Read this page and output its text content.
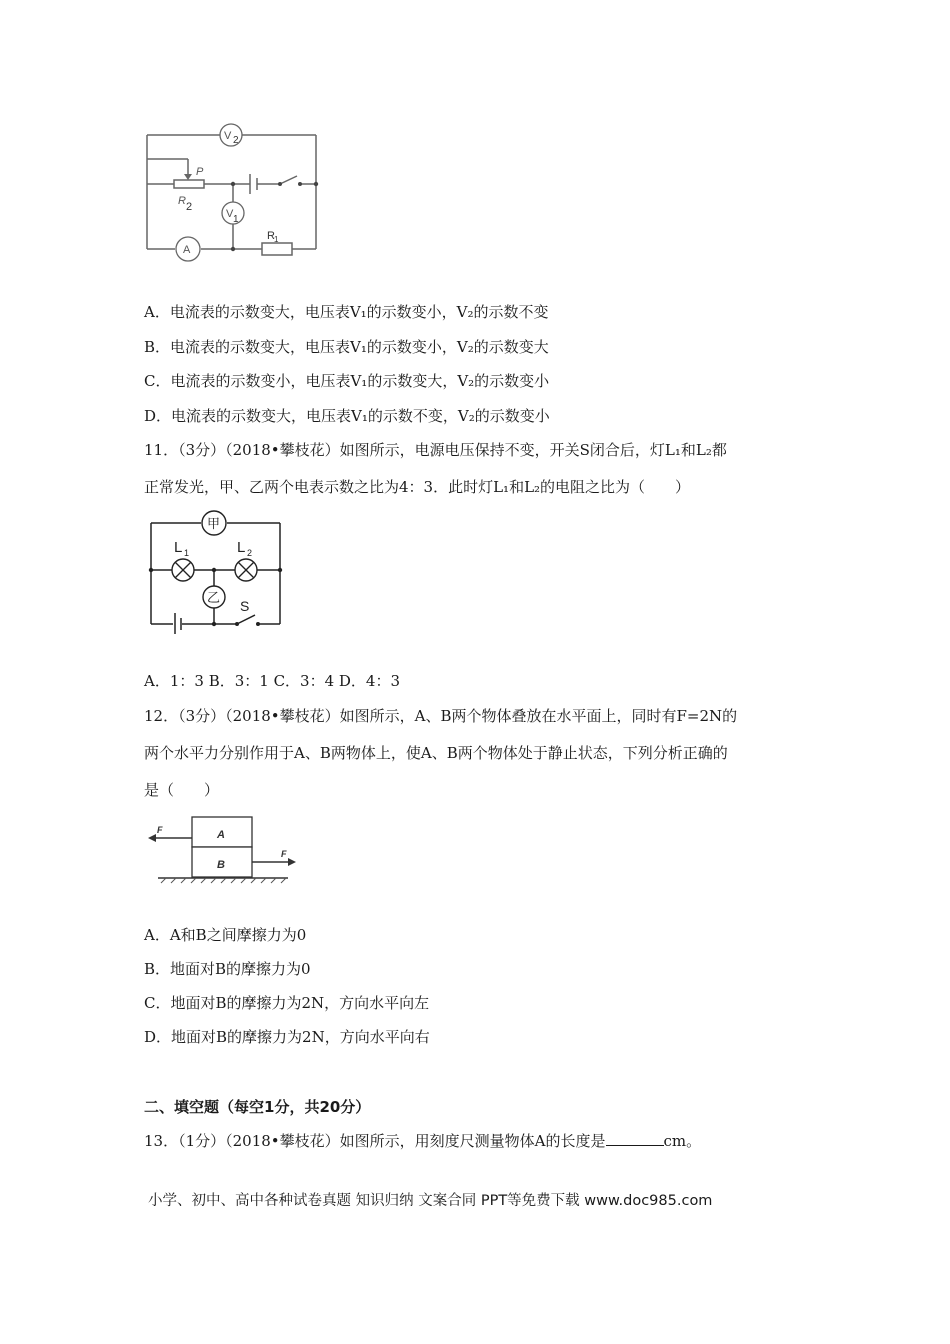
V 2
V 1
A
P
R 2
R 1
A．电流表的示数变大，电压表V₁的示数变小，V₂的示数不变
B．电流表的示数变大，电压表V₁的示数变小，V₂的示数变大
C．电流表的示数变小，电压表V₁的示数变大，V₂的示数变小
D．电流表的示数变大，电压表V₁的示数不变，V₂的示数变小
11．（3分）（2018•攀枝花）如图所示，电源电压保持不变，开关S闭合后，灯L₁和L₂都
正常发光，甲、乙两个电表示数之比为4：3．此时灯L₁和L₂的电阻之比为（　　）
甲
乙
L 1	L 2
S
A．1：3 B．3：1 C．3：4 D．4：3
12．（3分）（2018•攀枝花）如图所示，A、B两个物体叠放在水平面上，同时有F=2N的
两个水平力分别作用于A、B两物体上，使A、B两个物体处于静止状态，下列分析正确的
是（　　）
A
B
F
F
A．A和B之间摩擦力为0
B．地面对B的摩擦力为0
C．地面对B的摩擦力为2N，方向水平向左
D．地面对B的摩擦力为2N，方向水平向右
二、填空题（每空1分，共20分）
13．（1分）（2018•攀枝花）如图所示，用刻度尺测量物体A的长度是	cm。
小学、初中、高中各种试卷真题 知识归纳 文案合同 PPT等免费下载 www.doc985.com
